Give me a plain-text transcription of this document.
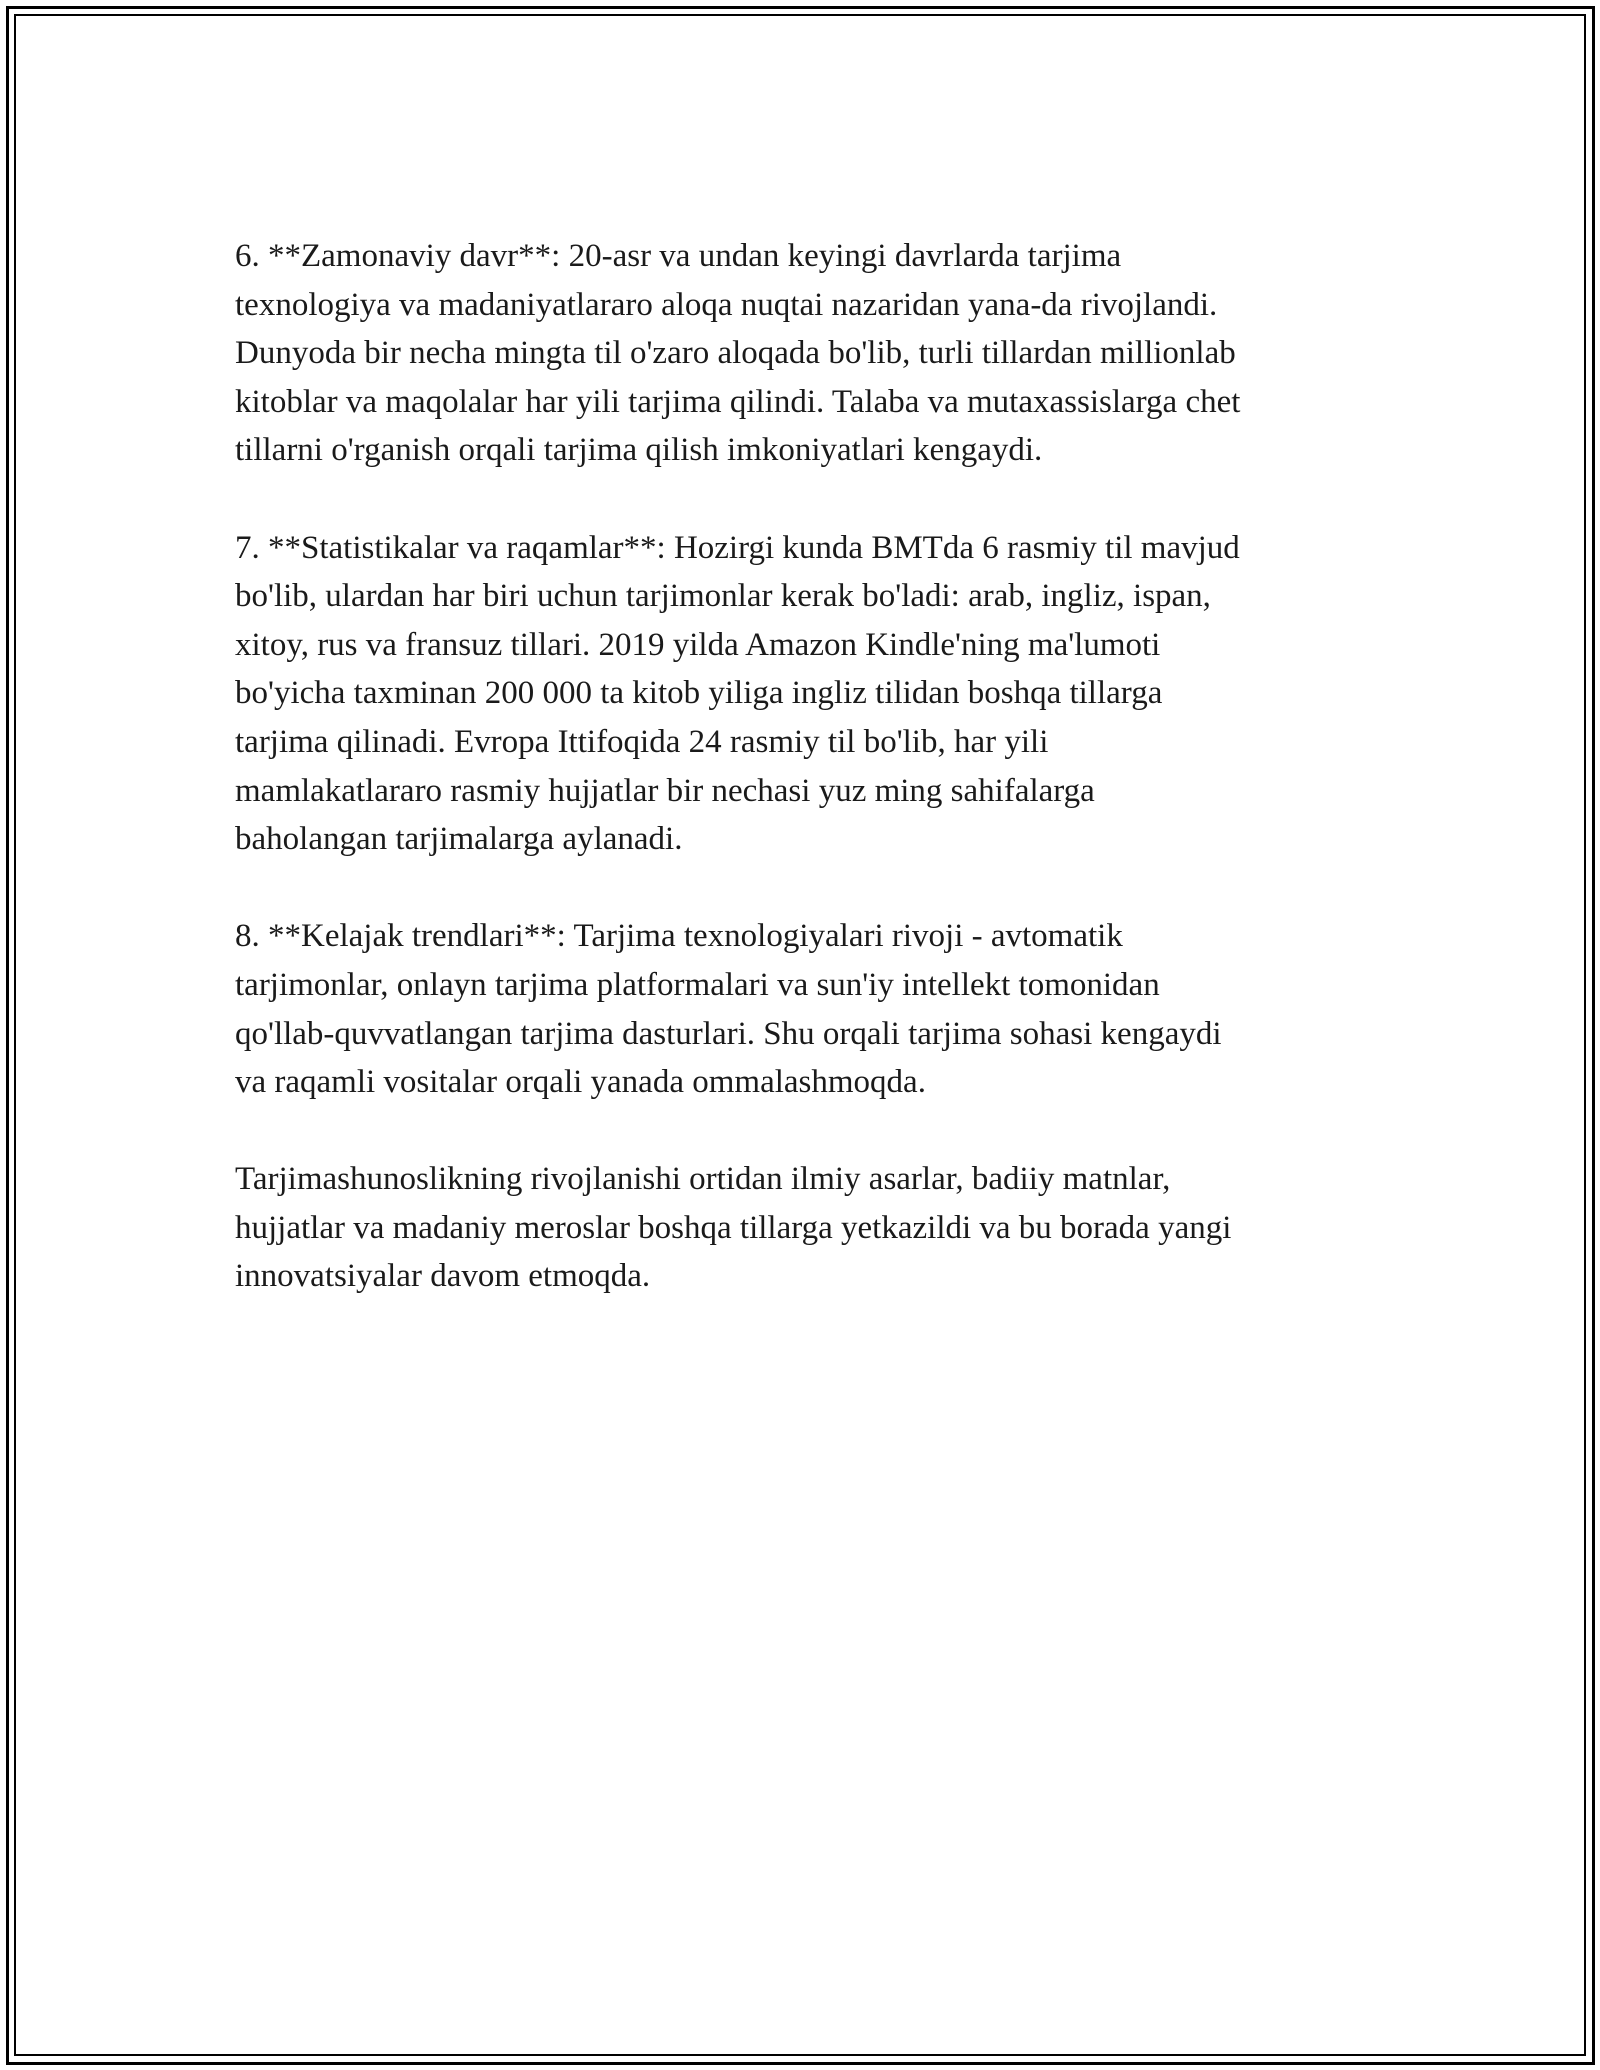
6. **Zamonaviy davr**: 20-asr va undan keyingi davrlarda tarjima
texnologiya va madaniyatlararo aloqa nuqtai nazaridan yana-da rivojlandi.
Dunyoda bir necha mingta til o'zaro aloqada bo'lib, turli tillardan millionlab
kitoblar va maqolalar har yili tarjima qilindi. Talaba va mutaxassislarga chet
tillarni o'rganish orqali tarjima qilish imkoniyatlari kengaydi.

7. **Statistikalar va raqamlar**: Hozirgi kunda BMTda 6 rasmiy til mavjud
bo'lib, ulardan har biri uchun tarjimonlar kerak bo'ladi: arab, ingliz, ispan,
xitoy, rus va fransuz tillari. 2019 yilda Amazon Kindle'ning ma'lumoti
bo'yicha taxminan 200 000 ta kitob yiliga ingliz tilidan boshqa tillarga
tarjima qilinadi. Evropa Ittifoqida 24 rasmiy til bo'lib, har yili
mamlakatlararo rasmiy hujjatlar bir nechasi yuz ming sahifalarga
baholangan tarjimalarga aylanadi.

8. **Kelajak trendlari**: Tarjima texnologiyalari rivoji - avtomatik
tarjimonlar, onlayn tarjima platformalari va sun'iy intellekt tomonidan
qo'llab-quvvatlangan tarjima dasturlari. Shu orqali tarjima sohasi kengaydi
va raqamli vositalar orqali yanada ommalashmoqda.

Tarjimashunoslikning rivojlanishi ortidan ilmiy asarlar, badiiy matnlar,
hujjatlar va madaniy meroslar boshqa tillarga yetkazildi va bu borada yangi
innovatsiyalar davom etmoqda.
